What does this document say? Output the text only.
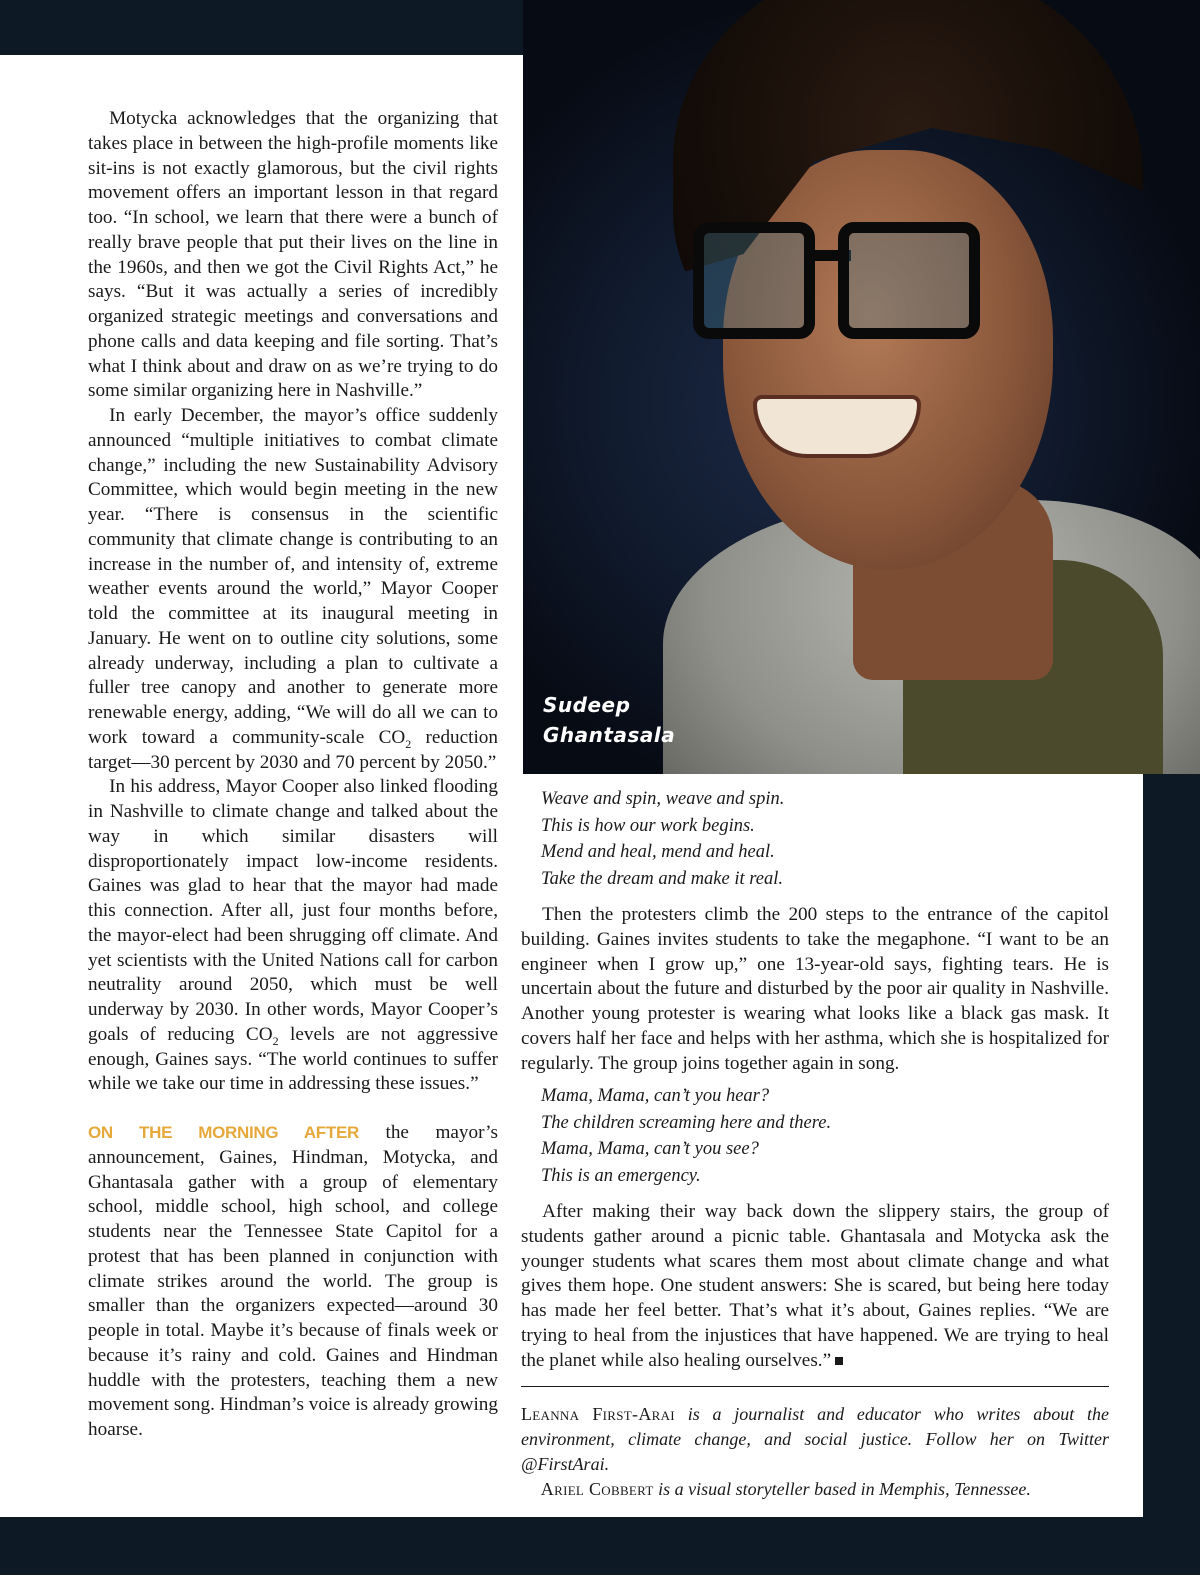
Sudeep
Ghantasala

Motycka acknowledges that the organizing that takes place in between the high-profile moments like sit-ins is not exactly glamorous, but the civil rights movement offers an important lesson in that regard too. “In school, we learn that there were a bunch of really brave people that put their lives on the line in the 1960s, and then we got the Civil Rights Act,” he says. “But it was actually a series of incredibly organized strategic meetings and conversations and phone calls and data keeping and file sorting. That’s what I think about and draw on as we’re trying to do some similar organizing here in Nashville.”

In early December, the mayor’s office suddenly announced “multiple initiatives to combat climate change,” including the new Sustainability Advisory Committee, which would begin meeting in the new year. “There is consensus in the scientific community that climate change is contributing to an increase in the number of, and intensity of, extreme weather events around the world,” Mayor Cooper told the committee at its inaugural meeting in January. He went on to outline city solutions, some already underway, including a plan to cultivate a fuller tree canopy and another to generate more renewable energy, adding, “We will do all we can to work toward a community-scale $CO_2$ reduction target—30 percent by 2030 and 70 percent by 2050.”

In his address, Mayor Cooper also linked flooding in Nashville to climate change and talked about the way in which similar disasters will disproportionately impact low-income residents. Gaines was glad to hear that the mayor had made this connection. After all, just four months before, the mayor-elect had been shrugging off climate. And yet scientists with the United Nations call for carbon neutrality around 2050, which must be well underway by 2030. In other words, Mayor Cooper’s goals of reducing $CO_2$ levels are not aggressive enough, Gaines says. “The world continues to suffer while we take our time in addressing these issues.”

ON THE MORNING AFTER the mayor’s announcement, Gaines, Hindman, Motycka, and Ghantasala gather with a group of elementary school, middle school, high school, and college students near the Tennessee State Capitol for a protest that has been planned in conjunction with climate strikes around the world. The group is smaller than the organizers expected—around 30 people in total. Maybe it’s because of finals week or because it’s rainy and cold. Gaines and Hindman huddle with the protesters, teaching them a new movement song. Hindman’s voice is already growing hoarse.

Weave and spin, weave and spin.
This is how our work begins.
Mend and heal, mend and heal.
Take the dream and make it real.

Then the protesters climb the 200 steps to the entrance of the capitol building. Gaines invites students to take the megaphone. “I want to be an engineer when I grow up,” one 13-year-old says, fighting tears. He is uncertain about the future and disturbed by the poor air quality in Nashville. Another young protester is wearing what looks like a black gas mask. It covers half her face and helps with her asthma, which she is hospitalized for regularly. The group joins together again in song.

Mama, Mama, can’t you hear?
The children screaming here and there.
Mama, Mama, can’t you see?
This is an emergency.

After making their way back down the slippery stairs, the group of students gather around a picnic table. Ghantasala and Motycka ask the younger students what scares them most about climate change and what gives them hope. One student answers: She is scared, but being here today has made her feel better. That’s what it’s about, Gaines replies. “We are trying to heal from the injustices that have happened. We are trying to heal the planet while also healing ourselves.”

Leanna First-Arai is a journalist and educator who writes about the environment, climate change, and social justice. Follow her on Twitter @FirstArai.

Ariel Cobbert is a visual storyteller based in Memphis, Tennessee.
